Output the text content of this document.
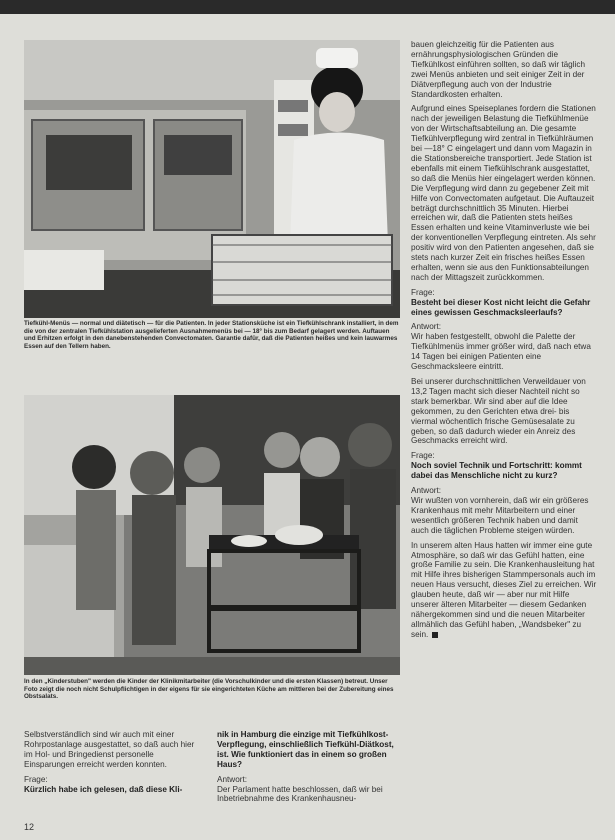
Tiefkühl-Menüs — normal und diätetisch — für die Patienten. In jeder Stationsküche ist ein Tiefkühlschrank installiert, in dem die von der zentralen Tiefkühlstation ausgelieferten Ausnahmemenüs bei — 18° bis zum Bedarf gelagert werden. Auftauen und Erhitzen erfolgt in den danebenstehenden Convectomaten. Garantie dafür, daß die Patienten heißes und kein lauwarmes Essen auf den Tellern haben.

In den „Kinderstuben" werden die Kinder der Klinikmitarbeiter (die Vorschulkinder und die ersten Klassen) betreut. Unser Foto zeigt die noch nicht Schulpflichtigen in der eigens für sie eingerichteten Küche am mittleren bei der Zubereitung eines Obstsalats.

bauen gleichzeitig für die Patienten aus ernährungsphysiologischen Gründen die Tiefkühlkost einführen sollten, so daß wir täglich zwei Menüs anbieten und seit einiger Zeit in der Diätverpflegung auch von der Industrie Standardkosten erhalten.

Aufgrund eines Speiseplanes fordern die Stationen nach der jeweiligen Belastung die Tiefkühlmenüe von der Wirtschaftsabteilung an. Die gesamte Tiefkühlverpflegung wird zentral in Tiefkühlräumen bei —18° C eingelagert und dann vom Magazin in die Stationsbereiche transportiert. Jede Station ist ebenfalls mit einem Tiefkühlschrank ausgestattet, so daß die Menüs hier eingelagert werden können. Die Verpflegung wird dann zu gegebener Zeit mit Hilfe von Convectomaten aufgetaut. Die Auftauzeit beträgt durchschnittlich 35 Minuten. Hierbei erreichen wir, daß die Patienten stets heißes Essen erhalten und keine Vitaminverluste wie bei der konventionellen Verpflegung eintreten. Als sehr positiv wird von den Patienten angesehen, daß sie stets nach kurzer Zeit ein frisches heißes Essen erhalten, wenn sie aus den Funktionsabteilungen nach der Mittagszeit zurückkommen.

Frage:

Besteht bei dieser Kost nicht leicht die Gefahr eines gewissen Geschmacksleerlaufs?

Antwort:

Wir haben festgestellt, obwohl die Palette der Tiefkühlmenüs immer größer wird, daß nach etwa 14 Tagen bei einigen Patienten eine Geschmacksleere eintritt.

Bei unserer durchschnittlichen Verweildauer von 13,2 Tagen macht sich dieser Nachteil nicht so stark bemerkbar. Wir sind aber auf die Idee gekommen, zu den Gerichten etwa drei- bis viermal wöchentlich frische Gemüsesalate zu geben, so daß dadurch wieder ein Anreiz des Geschmacks erreicht wird.

Frage:

Noch soviel Technik und Fortschritt: kommt dabei das Menschliche nicht zu kurz?

Antwort:

Wir wußten von vornherein, daß wir ein größeres Krankenhaus mit mehr Mitarbeitern und einer wesentlich größeren Technik haben und damit auch die täglichen Probleme steigen würden.

In unserem alten Haus hatten wir immer eine gute Atmosphäre, so daß wir das Gefühl hatten, eine große Familie zu sein. Die Krankenhausleitung hat mit Hilfe ihres bisherigen Stammpersonals auch im neuen Haus versucht, dieses Ziel zu erreichen. Wir glauben heute, daß wir — aber nur mit Hilfe unserer älteren Mitarbeiter — diesem Gedanken nähergekommen sind und die neuen Mitarbeiter allmählich das Gefühl haben, „Wandsbeker" zu sein.

Selbstverständlich sind wir auch mit einer Rohrpostanlage ausgestattet, so daß auch hier im Hol- und Bringedienst personelle Einsparungen erreicht werden konnten.

Frage:

Kürzlich habe ich gelesen, daß diese Kli-

nik in Hamburg die einzige mit Tiefkühlkost-Verpflegung, einschließlich Tiefkühl-Diätkost, ist. Wie funktioniert das in einem so großen Haus?

Antwort:

Der Parlament hatte beschlossen, daß wir bei Inbetriebnahme des Krankenhausneu-

12
